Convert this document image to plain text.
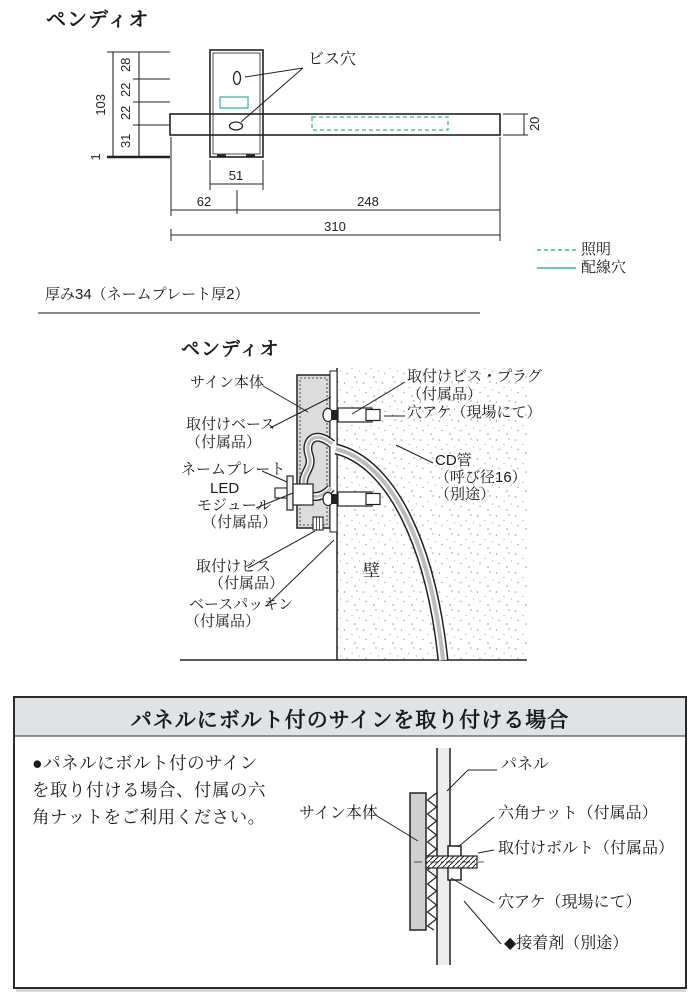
ペンディオ
103
28
22
22
31
1
20
ビス穴
51
62	248
310
照明
配線穴
厚み34（ネームプレート厚2）
ペンディオ
サイン本体
取付けベース
（付属品）
ネームプレート
LED
モジュール
（付属品）
取付けビス
（付属品）
ベースパッキン
（付属品）
取付けビス・プラグ
（付属品）
穴アケ（現場にて）
CD管
（呼び径16）
（別途）
壁
パネルにボルト付のサインを取り付ける場合
●パネルにボルト付のサイン
を取り付ける場合、付属の六
角ナットをご利用ください。
パネル
サイン本体	六角ナット（付属品）
取付けボルト（付属品）
穴アケ（現場にて）
◆接着剤（別途）
